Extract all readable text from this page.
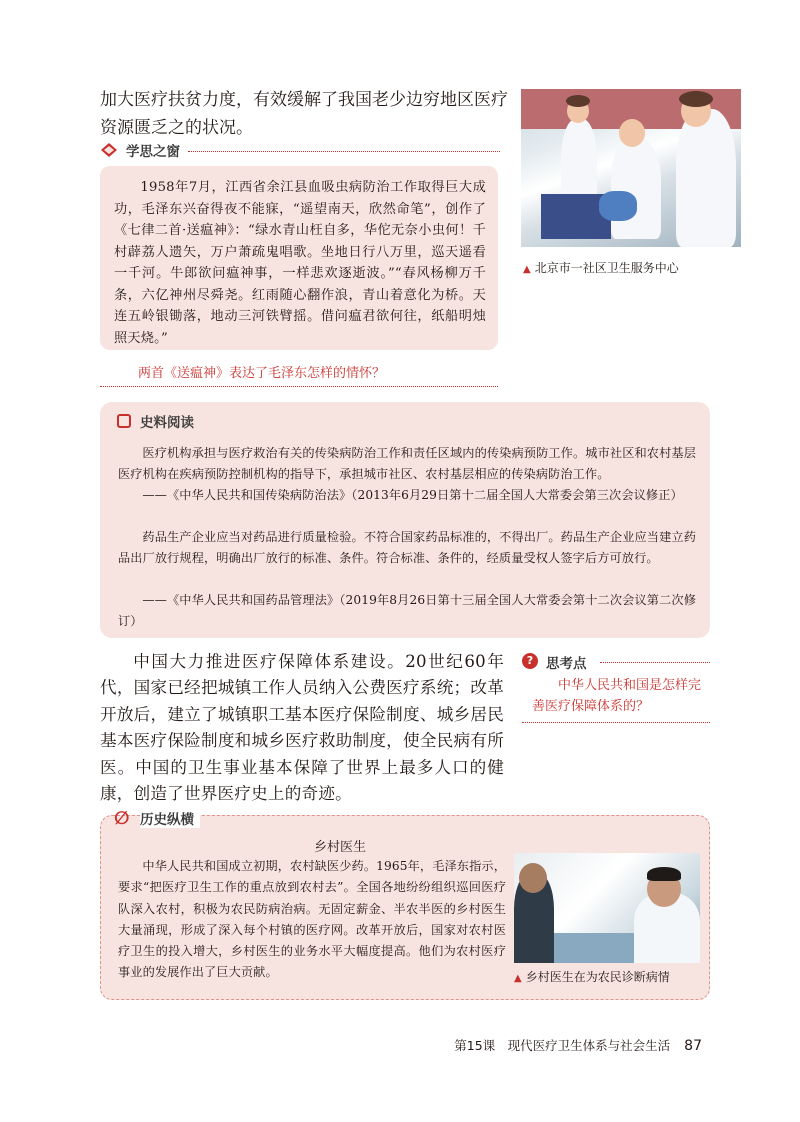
加大医疗扶贫力度，有效缓解了我国老少边穷地区医疗资源匮乏之的状况。

学思之窗

1958年7月，江西省余江县血吸虫病防治工作取得巨大成功，毛泽东兴奋得夜不能寐，“遥望南天，欣然命笔”，创作了《七律二首·送瘟神》：“绿水青山枉自多，华佗无奈小虫何！千村薜荔人遗矢，万户萧疏鬼唱歌。坐地日行八万里，巡天遥看一千河。牛郎欲问瘟神事，一样悲欢逐逝波。”“春风杨柳万千条，六亿神州尽舜尧。红雨随心翻作浪，青山着意化为桥。天连五岭银锄落，地动三河铁臂摇。借问瘟君欲何往，纸船明烛照天烧。”

两首《送瘟神》表达了毛泽东怎样的情怀？

▲ 北京市一社区卫生服务中心
史料阅读

医疗机构承担与医疗救治有关的传染病防治工作和责任区域内的传染病预防工作。城市社区和农村基层医疗机构在疾病预防控制机构的指导下，承担城市社区、农村基层相应的传染病防治工作。

——《中华人民共和国传染病防治法》（2013年6月29日第十二届全国人大常委会第三次会议修正）

药品生产企业应当对药品进行质量检验。不符合国家药品标准的，不得出厂。药品生产企业应当建立药品出厂放行规程，明确出厂放行的标准、条件。符合标准、条件的，经质量受权人签字后方可放行。

——《中华人民共和国药品管理法》（2019年8月26日第十三届全国人大常委会第十二次会议第二次修订）

中国大力推进医疗保障体系建设。20世纪60年代，国家已经把城镇工作人员纳入公费医疗系统；改革开放后，建立了城镇职工基本医疗保险制度、城乡居民基本医疗保险制度和城乡医疗救助制度，使全民病有所医。中国的卫生事业基本保障了世界上最多人口的健康，创造了世界医疗史上的奇迹。

? 思考点

中华人民共和国是怎样完善医疗保障体系的？

∅ 历史纵横
乡村医生

中华人民共和国成立初期，农村缺医少药。1965年，毛泽东指示，要求“把医疗卫生工作的重点放到农村去”。全国各地纷纷组织巡回医疗队深入农村，积极为农民防病治病。无固定薪金、半农半医的乡村医生大量涌现，形成了深入每个村镇的医疗网。改革开放后，国家对农村医疗卫生的投入增大，乡村医生的业务水平大幅度提高。他们为农村医疗事业的发展作出了巨大贡献。	▲ 乡村医生在为农民诊断病情
第15课　现代医疗卫生体系与社会生活 87
